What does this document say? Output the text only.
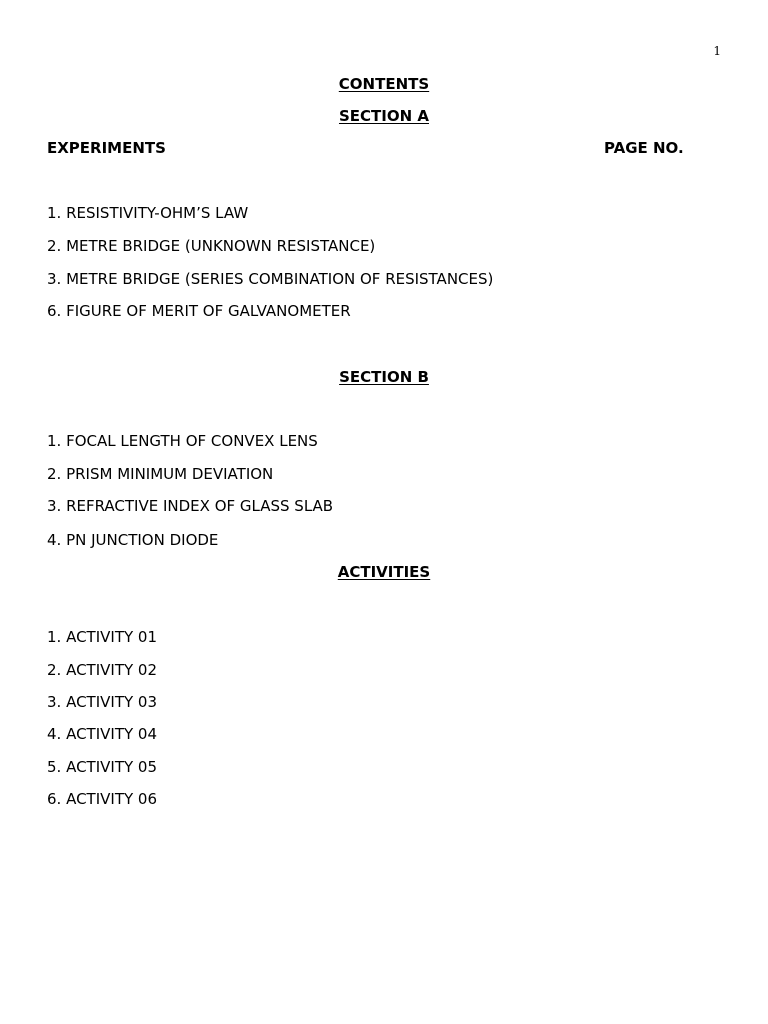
1
CONTENTS
SECTION A
EXPERIMENTS	PAGE NO.
1. RESISTIVITY-OHM’S LAW
2. METRE BRIDGE (UNKNOWN RESISTANCE)
3. METRE BRIDGE (SERIES COMBINATION OF RESISTANCES)
6. FIGURE OF MERIT OF GALVANOMETER
SECTION B
1. FOCAL LENGTH OF CONVEX LENS
2. PRISM MINIMUM DEVIATION
3. REFRACTIVE INDEX OF GLASS SLAB
4. PN JUNCTION DIODE
ACTIVITIES
1. ACTIVITY 01
2. ACTIVITY 02
3. ACTIVITY 03
4. ACTIVITY 04
5. ACTIVITY 05
6. ACTIVITY 06
